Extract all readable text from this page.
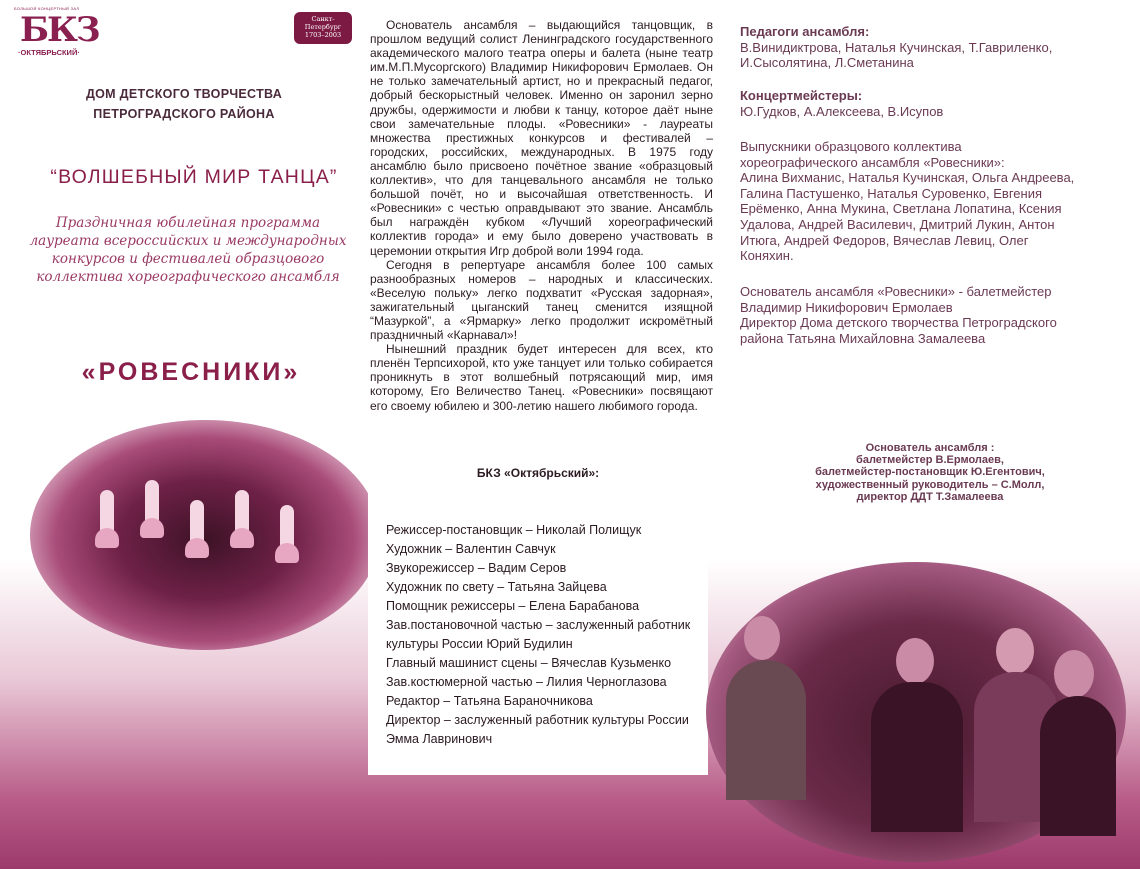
БОЛЬШОЙ КОНЦЕРТНЫЙ ЗАЛ
БКЗ
·ОКТЯБРЬСКИЙ·
ДОМ ДЕТСКОГО ТВОРЧЕСТВА
ПЕТРОГРАДСКОГО РАЙОНА
“ВОЛШЕБНЫЙ МИР ТАНЦА”
Праздничная юбилейная программа
лауреата всероссийских и международных
конкурсов и фестивалей образцового
коллектива хореографического ансамбля
«РОВЕСНИКИ»
Санкт-
Петербург
1703–2003

Основатель ансамбля – выдающийся танцовщик, в прошлом ведущий солист Ленинградского государственного академического малого театра оперы и балета (ныне театр им.М.П.Мусоргского) Владимир Никифорович Ермолаев. Он не только замечательный артист, но и прекрасный педагог, добрый бескорыстный человек. Именно он заронил зерно дружбы, одержимости и любви к танцу, которое даёт ныне свои замечательные плоды. «Ровесники» - лауреаты множества престижных конкурсов и фестивалей – городских, российских, международных. В 1975 году ансамблю было присвоено почётное звание «образцовый коллектив», что для танцевального ансамбля не только большой почёт, но и высочайшая ответственность. И «Ровесники» с честью оправдывают это звание. Ансамбль был награждён кубком «Лучший хореографический коллектив города» и ему было доверено участвовать в церемонии открытия Игр доброй воли 1994 года.

Сегодня в репертуаре ансамбля более 100 самых разнообразных номеров – народных и классических. «Веселую польку» легко подхватит «Русская задорная», зажигательный цыганский танец сменится изящной “Мазуркой”, а «Ярмарку» легко продолжит искромётный праздничный «Карнавал»!

Нынешний праздник будет интересен для всех, кто пленён Терпсихорой, кто уже танцует или только собирается проникнуть в этот волшебный потрясающий мир, имя которому, Его Величество Танец. «Ровесники» посвящают его своему юбилею и 300-летию нашего любимого города.

БКЗ «Октябрьский»:
Режиссер-постановщик – Николай Полищук
Художник – Валентин Савчук
Звукорежиссер – Вадим Серов
Художник по свету – Татьяна Зайцева
Помощник режиссеры – Елена Барабанова
Зав.постановочной частью – заслуженный работник
культуры России Юрий Будилин
Главный машинист сцены – Вячеслав Кузьменко
Зав.костюмерной частью – Лилия Черноглазова
Редактор – Татьяна Бараночникова
Директор – заслуженный работник культуры России
Эмма Лавринович
Педагоги ансамбля:
В.Винидиктрова, Наталья Кучинская, Т.Гавриленко,
И.Сысолятина, Л.Сметанина
Концертмейстеры:
Ю.Гудков, А.Алексеева, В.Исупов
Выпускники образцового коллектива
хореографического ансамбля «Ровесники»:
Алина Вихманис, Наталья Кучинская, Ольга Андреева,
Галина Пастушенко, Наталья Суровенко, Евгения
Ерёменко, Анна Мукина, Светлана Лопатина, Ксения
Удалова, Андрей Василевич, Дмитрий Лукин, Антон
Итюга, Андрей Федоров, Вячеслав Левиц, Олег
Коняхин.
Основатель ансамбля «Ровесники» - балетмейстер
Владимир Никифорович Ермолаев
Директор Дома детского творчества Петроградского
района Татьяна Михайловна Замалеева
Основатель ансамбля :
балетмейстер В.Ермолаев,
балетмейстер-постановщик Ю.Егентович,
художественный руководитель – С.Молл,
директор ДДТ Т.Замалеева
